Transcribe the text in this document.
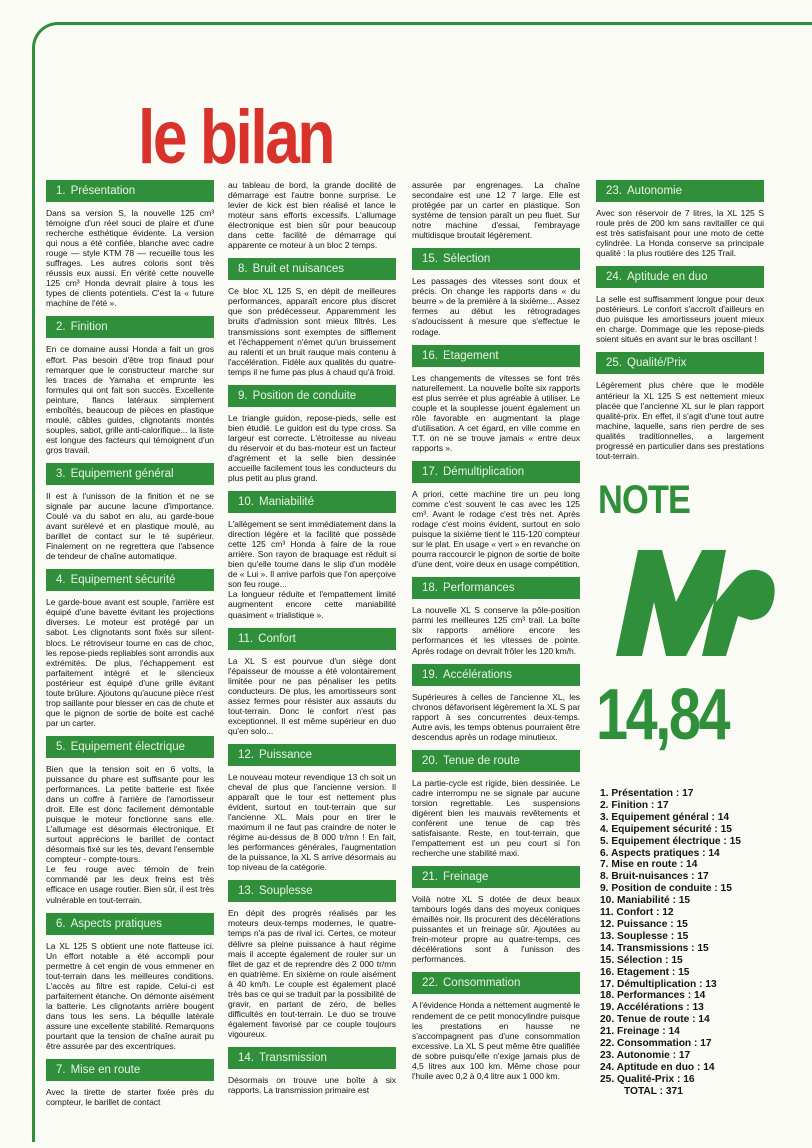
le bilan
1. Présentation

Dans sa version S, la nouvelle 125 cm³ témoigne d'un réel souci de plaire et d'une recherche esthétique évidente. La version qui nous a été confiée, blanche avec cadre rouge — style KTM 78 — recueille tous les suffrages. Les autres coloris sont très réussis eux aussi. En vérité cette nouvelle 125 cm³ Honda devrait plaire à tous les types de clients potentiels. C'est la « future machine de l'été ».

2. Finition

En ce domaine aussi Honda a fait un gros effort. Pas besoin d'être trop finaud pour remarquer que le constructeur marche sur les traces de Yamaha et emprunte les formules qui ont fait son succès. Excellente peinture, flancs latéraux simplement emboîtés, beaucoup de pièces en plastique moulé, câbles guides, clignotants montés souples, sabot, grille anti-calorifique... la liste est longue des facteurs qui témoignent d'un gros travail.

3. Equipement général

Il est à l'unisson de la finition et ne se signale par aucune lacune d'importance. Coulé va du sabot en alu, au garde-boue avant surélevé et en plastique moulé, au barillet de contact sur le té supérieur. Finalement on ne regrettera que l'absence de tendeur de chaîne automatique.

4. Equipement sécurité

Le garde-boue avant est souple, l'arrière est équipé d'une bavette évitant les projections diverses. Le moteur est protégé par un sabot. Les clignotants sont fixés sur silent-blocs. Le rétroviseur tourne en cas de choc, les repose-pieds repliables sont arrondis aux extrémités. De plus, l'échappement est parfaitement intégré et le silencieux postérieur est équipé d'une grille évitant toute brûlure. Ajoutons qu'aucune pièce n'est trop saillante pour blesser en cas de chute et que le pignon de sortie de boite est caché par un carter.

5. Equipement électrique

Bien que la tension soit en 6 volts, la puissance du phare est suffisante pour les performances. La petite batterie est fixée dans un coffre à l'arrière de l'amortisseur droit. Elle est donc facilement démontable puisque le moteur fonctionne sans elle. L'allumage est désormais électronique. Et surtout apprécions le barillet de contact désormais fixé sur les tés, devant l'ensemble compteur - compte-tours.

Le feu rouge avec témoin de frein commandé par les deux freins est très efficace en usage routier. Bien sûr, il est très vulnérable en tout-terrain.

6. Aspects pratiques

La XL 125 S obtient une note flatteuse ici. Un effort notable a été accompli pour permettre à cet engin de vous emmener en tout-terrain dans les meilleures conditions. L'accès au filtre est rapide. Celui-ci est parfaitement étanche. On démonte aisément la batterie. Les clignotants arrière bougent dans tous les sens. La béquille latérale assure une excellente stabilité. Remarquons pourtant que la tension de chaîne aurait pu être assurée par des excentriques.

7. Mise en route

Avec la tirette de starter fixée près du compteur, le barillet de contact

au tableau de bord, la grande docilité de démarrage est l'autre bonne surprise. Le levier de kick est bien réalisé et lance le moteur sans efforts excessifs. L'allumage électronique est bien sûr pour beaucoup dans cette facilité de démarrage qui apparente ce moteur à un bloc 2 temps.

8. Bruit et nuisances

Ce bloc XL 125 S, en dépit de meilleures performances, apparaît encore plus discret que son prédécesseur. Apparemment les bruits d'admission sont mieux filtrés. Les transmissions sont exemptes de sifflement et l'échappement n'émet qu'un bruissement au ralenti et un bruit rauque mais contenu à l'accélération. Fidèle aux qualités du quatre-temps il ne fume pas plus à chaud qu'à froid.

9. Position de conduite

Le triangle guidon, repose-pieds, selle est bien étudié. Le guidon est du type cross. Sa largeur est correcte. L'étroitesse au niveau du réservoir et du bas-moteur est un facteur d'agrément et la selle bien dessinée accueille facilement tous les conducteurs du plus petit au plus grand.

10. Maniabilité

L'allégement se sent immédiatement dans la direction légère et la facilité que possède cette 125 cm³ Honda à faire de la roue arrière. Son rayon de braquage est réduit si bien qu'elle tourne dans le slip d'un modèle de « Lui ». Il arrive parfois que l'on aperçoive son feu rouge...

La longueur réduite et l'empattement limité augmentent encore cette maniabilité quasiment « trialistique ».

11. Confort

La XL S est pourvue d'un siège dont l'épaisseur de mousse a été volontairement limitée pour ne pas pénaliser les petits conducteurs. De plus, les amortisseurs sont assez fermes pour résister aux assauts du tout-terrain. Donc le confort n'est pas exceptionnel. Il est même supérieur en duo qu'en solo...

12. Puissance

Le nouveau moteur revendique 13 ch soit un cheval de plus que l'ancienne version. Il apparaît que le tour est nettement plus évident, surtout en tout-terrain que sur l'ancienne XL. Mais pour en tirer le maximum il ne faut pas craindre de noter le régime au-dessus de 8 000 tr/mn ! En fait, les performances générales, l'augmentation de la puissance, la XL S arrive désormais au top niveau de la catégorie.

13. Souplesse

En dépit des progrès réalisés par les moteurs deux-temps modernes, le quatre-temps n'a pas de rival ici. Certes, ce moteur délivre sa pleine puissance à haut régime mais il accepte également de rouler sur un filet de gaz et de reprendre dès 2 000 tr/mn en quatrième. En sixième on roule aisément à 40 km/h. Le couple est également placé très bas ce qui se traduit par la possibilité de gravir, en partant de zéro, de belles difficultés en tout-terrain. Le duo se trouve également favorisé par ce couple toujours vigoureux.

14. Transmission

Désormais on trouve une boîte à six rapports. La transmission primaire est

assurée par engrenages. La chaîne secondaire est une 12 7 large. Elle est protégée par un carter en plastique. Son système de tension paraît un peu fluet. Sur notre machine d'essai, l'embrayage multidisque broutait légèrement.

15. Sélection

Les passages des vitesses sont doux et précis. On change les rapports dans « du beurre » de la première à la sixième... Assez fermes au début les rétrogradages s'adoucissent à mesure que s'effectue le rodage.

16. Etagement

Les changements de vitesses se font très naturellement. La nouvelle boîte six rapports est plus serrée et plus agréable à utiliser. Le couple et la souplesse jouent également un rôle favorable en augmentant la plage d'utilisation. A cet égard, en ville comme en T.T. on ne se trouve jamais « entre deux rapports ».

17. Démultiplication

A priori, cette machine tire un peu long comme c'est souvent le cas avec les 125 cm³. Avant le rodage c'est très net. Après rodage c'est moins évident, surtout en solo puisque la sixième tient le 115-120 compteur sur le plat. En usage « vert » en revanche on pourra raccourcir le pignon de sortie de boite d'une dent, voire deux en usage compétition.

18. Performances

La nouvelle XL S conserve la pôle-position parmi les meilleures 125 cm³ trail. La boîte six rapports améliore encore les performances et les vitesses de pointe. Après rodage on devrait frôler les 120 km/h.

19. Accélérations

Supérieures à celles de l'ancienne XL, les chronos défavorisent légèrement la XL S par rapport à ses concurrentes deux-temps. Autre avis, les temps obtenus pourraient être descendus après un rodage minutieux.

20. Tenue de route

La partie-cycle est rigide, bien dessinée. Le cadre interrompu ne se signale par aucune torsion regrettable. Les suspensions digèrent bien les mauvais revêtements et confèrent une tenue de cap très satisfaisante. Reste, en tout-terrain, que l'empattement est un peu court si l'on recherche une stabilité maxi.

21. Freinage

Voilà notre XL S dotée de deux beaux tambours logés dans des moyeux coniques émaillés noir. Ils procurent des décélérations puissantes et un freinage sûr. Ajoutées au frein-moteur propre au quatre-temps, ces décélérations sont à l'unisson des performances.

22. Consommation

A l'évidence Honda a nettement augmenté le rendement de ce petit monocylindre puisque les prestations en hausse ne s'accompagnent pas d'une consommation excessive. La XL S peut même être qualifiée de sobre puisqu'elle n'exige jamais plus de 4,5 litres aux 100 km. Même chose pour l'huile avec 0,2 à 0,4 litre aux 1 000 km.

23. Autonomie

Avec son réservoir de 7 litres, la XL 125 S roule près de 200 km sans ravitailler ce qui est très satisfaisant pour une moto de cette cylindrée. La Honda conserve sa principale qualité : la plus routière des 125 Trail.

24. Aptitude en duo

La selle est suffisamment longue pour deux postérieurs. Le confort s'accroît d'ailleurs en duo puisque les amortisseurs jouent mieux en charge. Dommage que les repose-pieds soient situés en avant sur le bras oscillant !

25. Qualité/Prix

Légèrement plus chère que le modèle antérieur la XL 125 S est nettement mieux placée que l'ancienne XL sur le plan rapport qualité-prix. En effet, il s'agit d'une tout autre machine, laquelle, sans rien perdre de ses qualités traditionnelles, a largement progressé en particulier dans ses prestations tout-terrain.

NOTE
14,84
1. Présentation : 17
2. Finition : 17
3. Equipement général : 14
4. Equipement sécurité : 15
5. Equipement électrique : 15
6. Aspects pratiques : 14
7. Mise en route : 14
8. Bruit-nuisances : 17
9. Position de conduite : 15
10. Maniabilité : 15
11. Confort : 12
12. Puissance : 15
13. Souplesse : 15
14. Transmissions : 15
15. Sélection : 15
16. Etagement : 15
17. Démultiplication : 13
18. Performances : 14
19. Accélérations : 13
20. Tenue de route : 14
21. Freinage : 14
22. Consommation : 17
23. Autonomie : 17
24. Aptitude en duo : 14
25. Qualité-Prix : 16
TOTAL : 371
